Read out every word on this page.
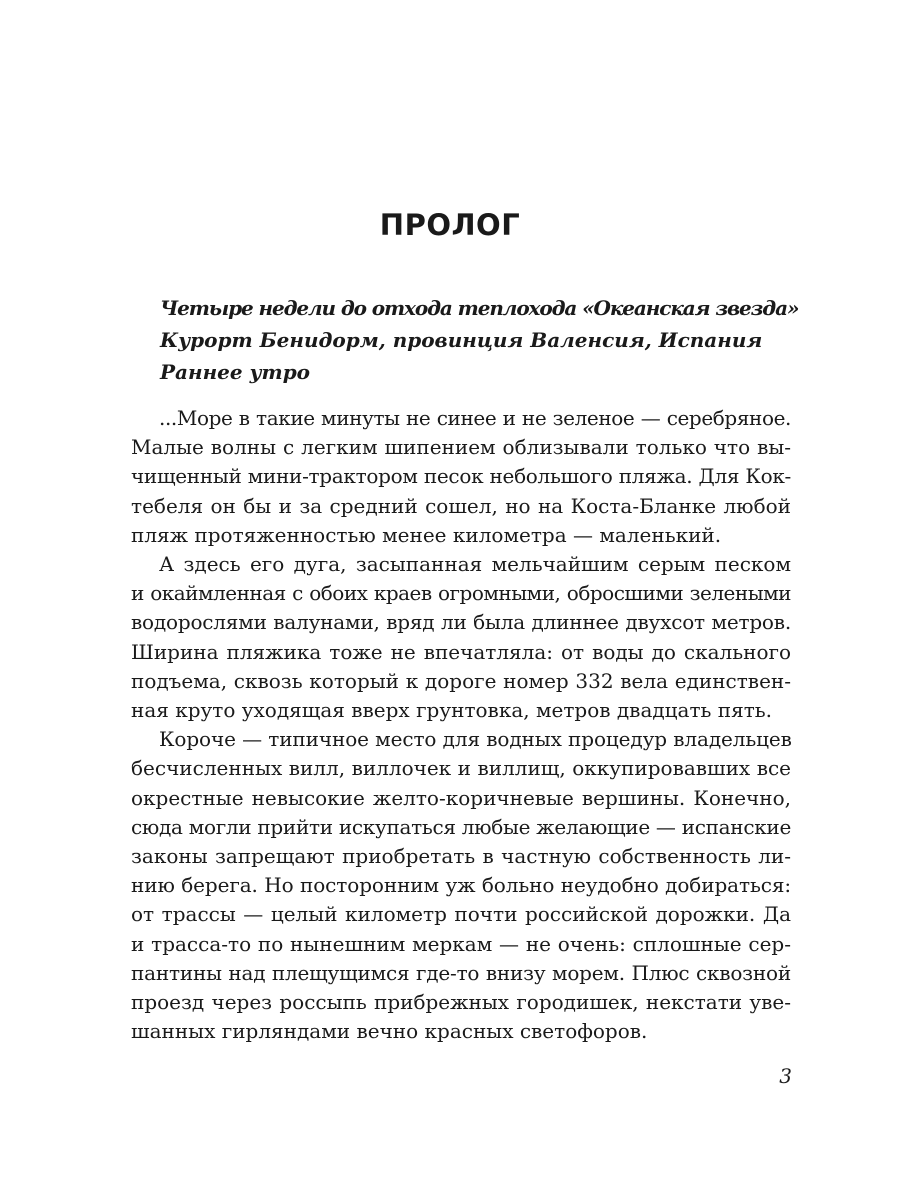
ПРОЛОГ
Четыре недели до отхода теплохода «Океанская звезда»
Курорт Бенидорм, провинция Валенсия, Испания
Раннее утро

...Море в такие минуты не синее и не зеленое — серебряное.
Малые волны с легким шипением облизывали только что вы-
чищенный мини-трактором песок небольшого пляжа. Для Кок-
тебеля он бы и за средний сошел, но на Коста-Бланке любой
пляж протяженностью менее километра — маленький.

А здесь его дуга, засыпанная мельчайшим серым песком
и окаймленная с обоих краев огромными, обросшими зелеными
водорослями валунами, вряд ли была длиннее двухсот метров.
Ширина пляжика тоже не впечатляла: от воды до скального
подъема, сквозь который к дороге номер 332 вела единствен-
ная круто уходящая вверх грунтовка, метров двадцать пять.

Короче — типичное место для водных процедур владельцев
бесчисленных вилл, виллочек и виллищ, оккупировавших все
окрестные невысокие желто-коричневые вершины. Конечно,
сюда могли прийти искупаться любые желающие — испанские
законы запрещают приобретать в частную собственность ли-
нию берега. Но посторонним уж больно неудобно добираться:
от трассы — целый километр почти российской дорожки. Да
и трасса-то по нынешним меркам — не очень: сплошные сер-
пантины над плещущимся где-то внизу морем. Плюс сквозной
проезд через россыпь прибрежных городишек, некстати уве-
шанных гирляндами вечно красных светофоров.

3
